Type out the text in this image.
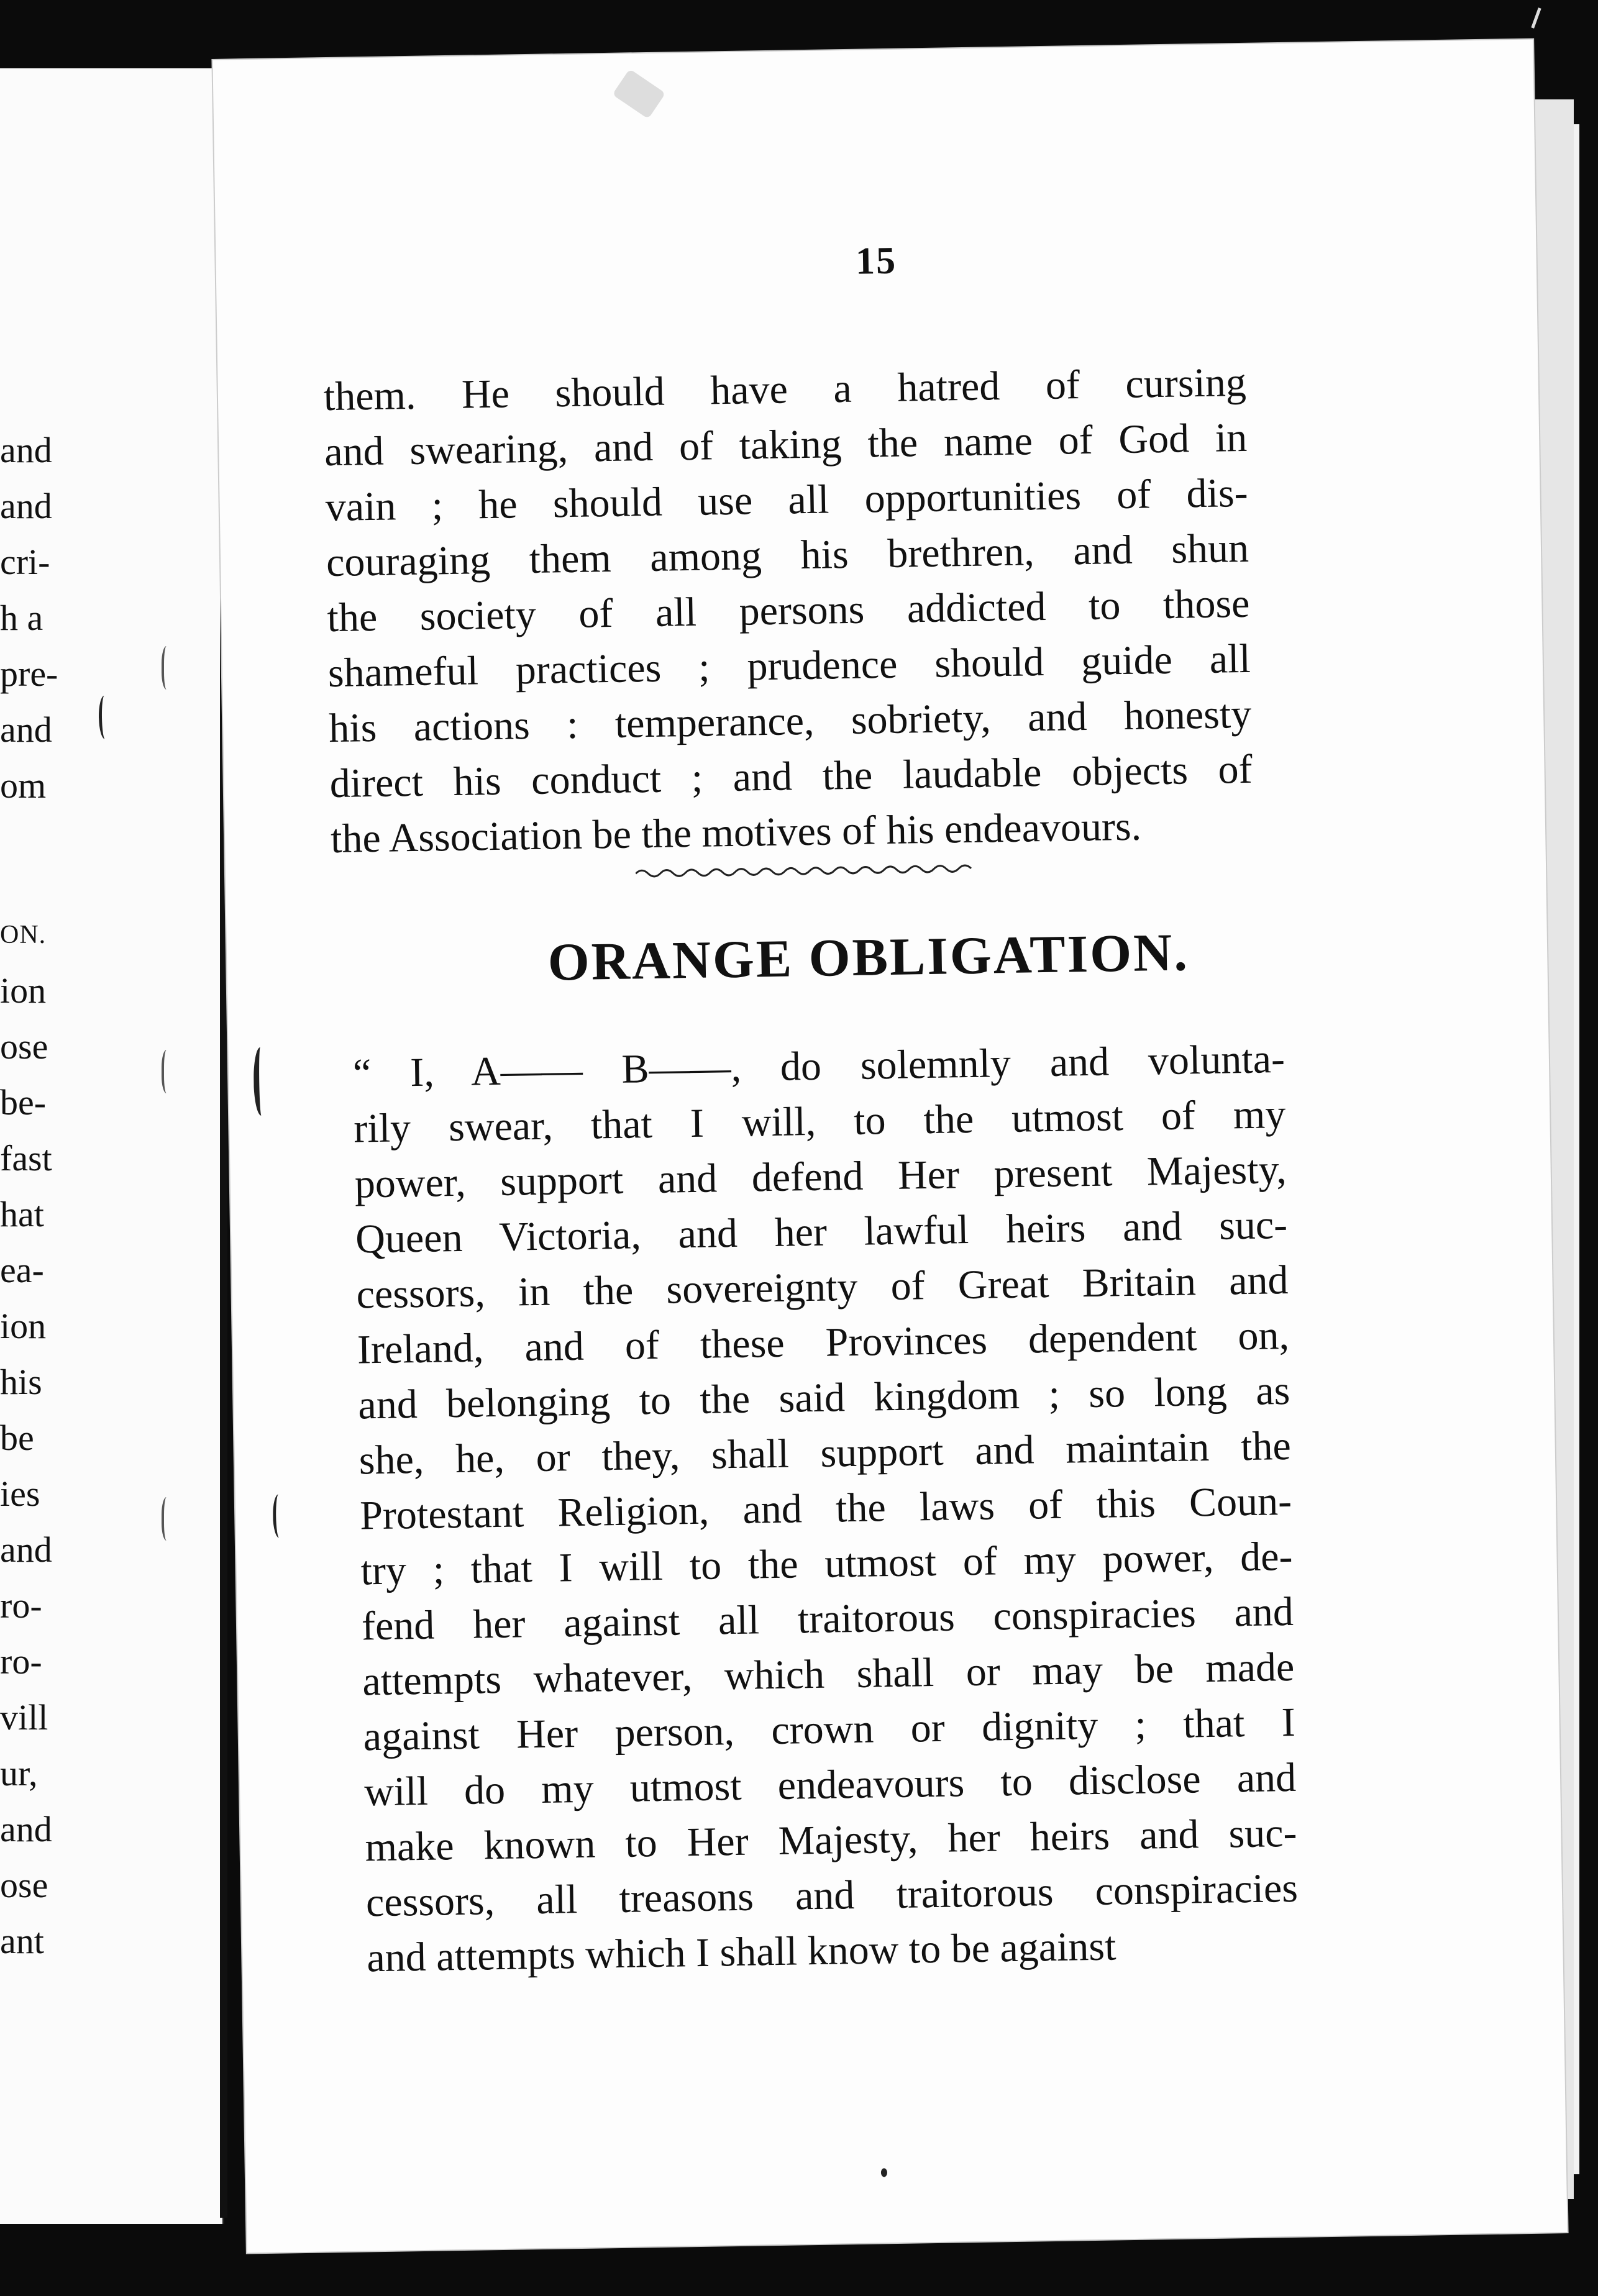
and
and
cri-
h a
pre-
and
om
ON.
ion
ose
be-
fast
hat
ea-
ion
his
be
ies
and
ro-
ro-
vill
ur,
and
ose
ant
15
them. He should have a hatred of cursing
and swearing, and of taking the name of God in
vain ; he should use all opportunities of dis-
couraging them among his brethren, and shun
the society of all persons addicted to those
shameful practices ; prudence should guide all
his actions : temperance, sobriety, and honesty
direct his conduct ; and the laudable objects of
the Association be the motives of his endeavours.
ORANGE OBLIGATION.
“ I, A—— B——, do solemnly and volunta-
rily swear, that I will, to the utmost of my
power, support and defend Her present Majesty,
Queen Victoria, and her lawful heirs and suc-
cessors, in the sovereignty of Great Britain and
Ireland, and of these Provinces dependent on,
and belonging to the said kingdom ; so long as
she, he, or they, shall support and maintain the
Protestant Religion, and the laws of this Coun-
try ; that I will to the utmost of my power, de-
fend her against all traitorous conspiracies and
attempts whatever, which shall or may be made
against Her person, crown or dignity ; that I
will do my utmost endeavours to disclose and
make known to Her Majesty, her heirs and suc-
cessors, all treasons and traitorous conspiracies
and attempts which I shall know to be against
